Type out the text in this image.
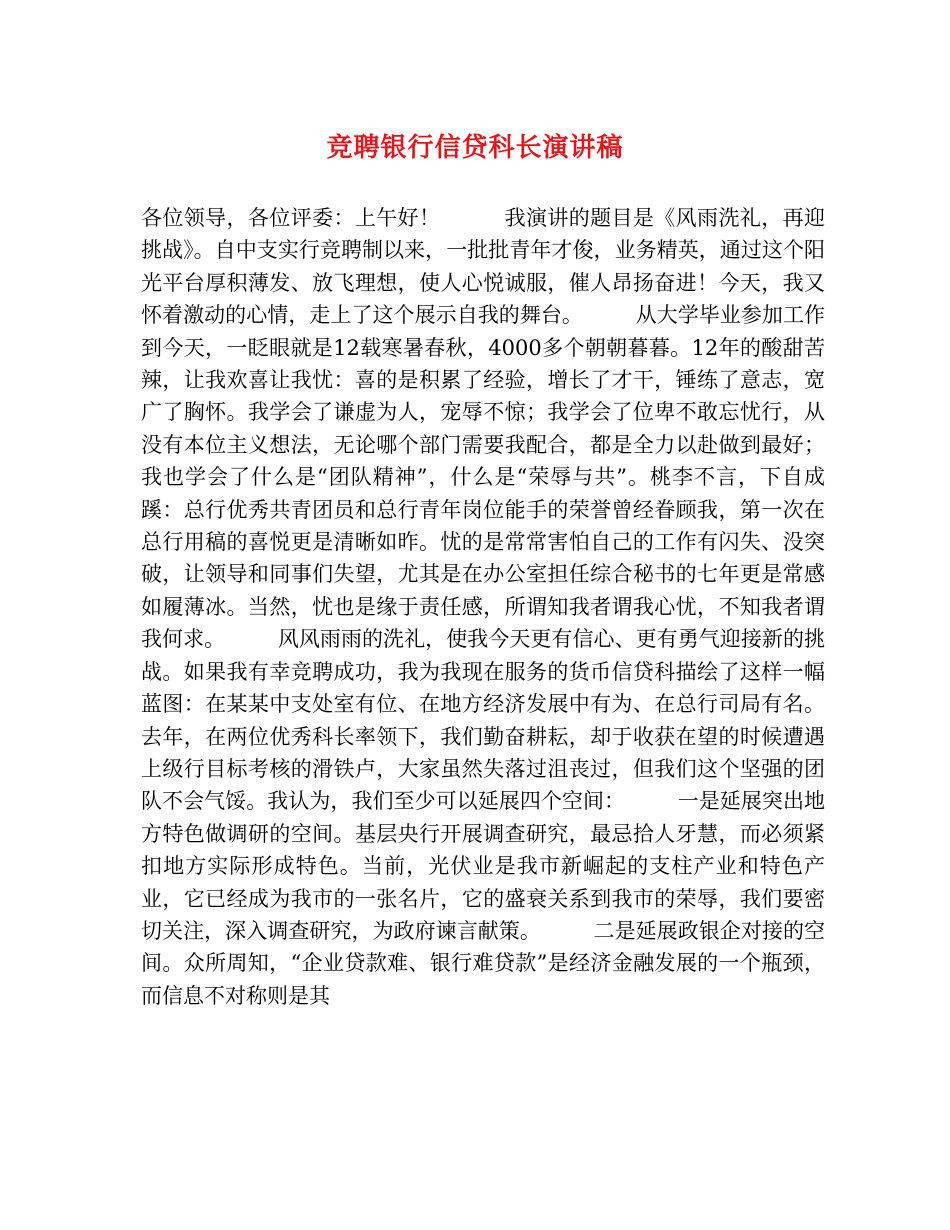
竞聘银行信贷科长演讲稿

各位领导，各位评委：上午好！　　　我演讲的题目是《风雨洗礼，再迎挑战》。自中支实行竞聘制以来，一批批青年才俊，业务精英，通过这个阳光平台厚积薄发、放飞理想，使人心悦诚服，催人昂扬奋进！今天，我又怀着激动的心情，走上了这个展示自我的舞台。　　　从大学毕业参加工作到今天，一眨眼就是12载寒暑春秋，4000多个朝朝暮暮。12年的酸甜苦辣，让我欢喜让我忧：喜的是积累了经验，增长了才干，锤练了意志，宽广了胸怀。我学会了谦虚为人，宠辱不惊；我学会了位卑不敢忘忧行，从没有本位主义想法，无论哪个部门需要我配合，都是全力以赴做到最好；我也学会了什么是“团队精神”，什么是“荣辱与共”。桃李不言，下自成蹊：总行优秀共青团员和总行青年岗位能手的荣誉曾经眷顾我，第一次在总行用稿的喜悦更是清晰如昨。忧的是常常害怕自己的工作有闪失、没突破，让领导和同事们失望，尤其是在办公室担任综合秘书的七年更是常感如履薄冰。当然，忧也是缘于责任感，所谓知我者谓我心忧，不知我者谓我何求。　　　风风雨雨的洗礼，使我今天更有信心、更有勇气迎接新的挑战。如果我有幸竞聘成功，我为我现在服务的货币信贷科描绘了这样一幅蓝图：在某某中支处室有位、在地方经济发展中有为、在总行司局有名。去年，在两位优秀科长率领下，我们勤奋耕耘，却于收获在望的时候遭遇上级行目标考核的滑铁卢，大家虽然失落过沮丧过，但我们这个坚强的团队不会气馁。我认为，我们至少可以延展四个空间：　　　一是延展突出地方特色做调研的空间。基层央行开展调查研究，最忌拾人牙慧，而必须紧扣地方实际形成特色。当前，光伏业是我市新崛起的支柱产业和特色产业，它已经成为我市的一张名片，它的盛衰关系到我市的荣辱，我们要密切关注，深入调查研究，为政府谏言献策。　　　二是延展政银企对接的空间。众所周知，“企业贷款难、银行难贷款”是经济金融发展的一个瓶颈，而信息不对称则是其
